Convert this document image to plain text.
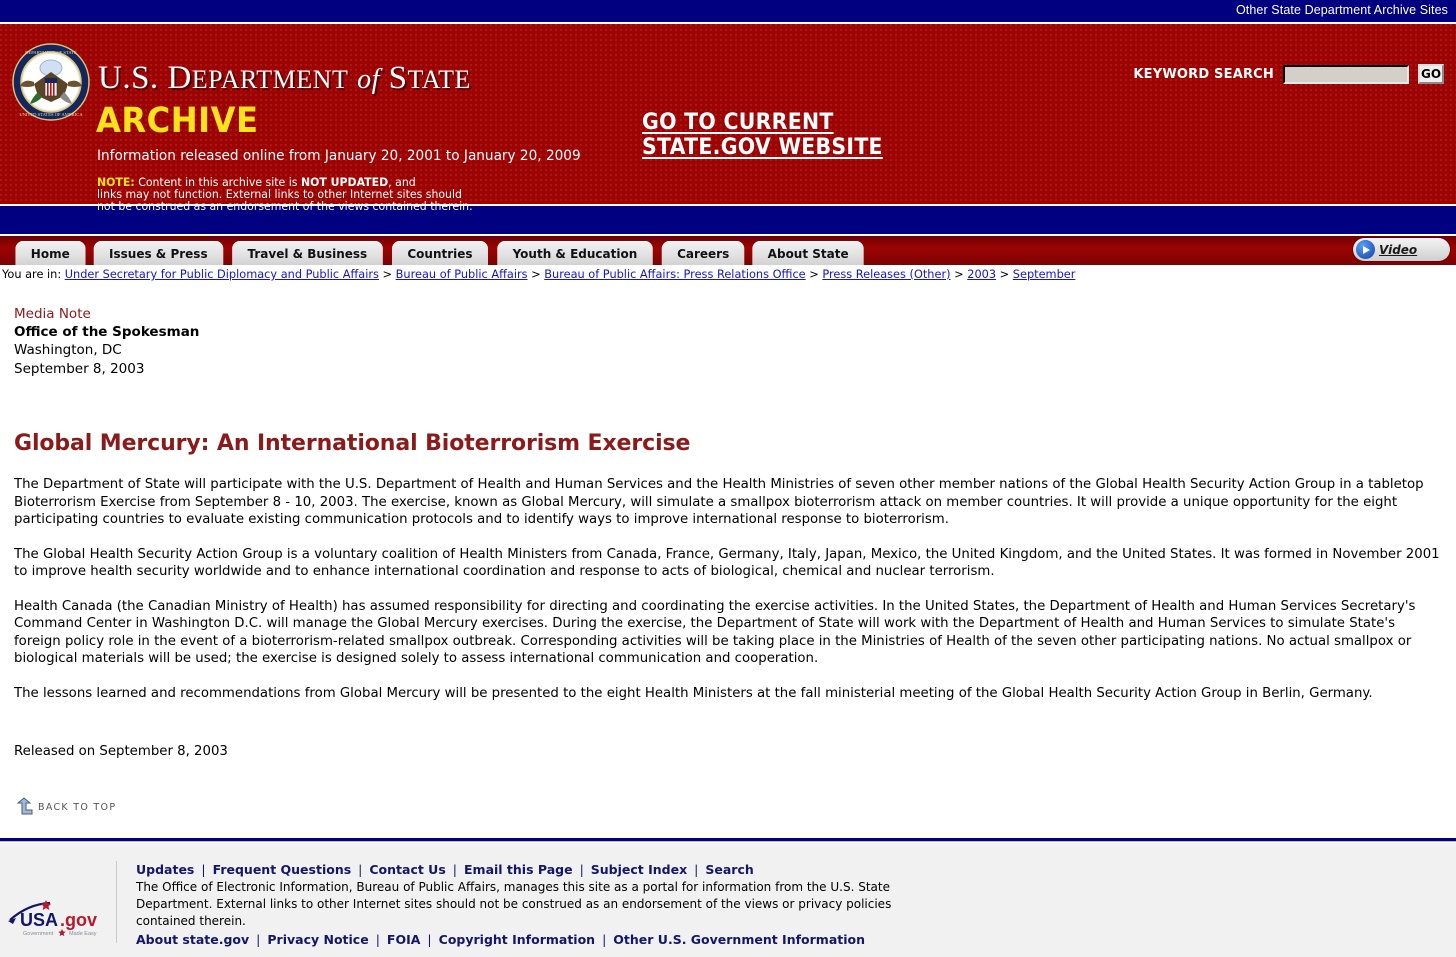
Other State Department Archive Sites
DEPARTMENT OF STATE
UNITED STATES OF AMERICA
U.S. DEPARTMENT of STATE
ARCHIVE
Information released online from January 20, 2001 to January 20, 2009
NOTE: Content in this archive site is NOT UPDATED, and
links may not function. External links to other Internet sites should
not be construed as an endorsement of the views contained therein.
GO TO CURRENT
STATE.GOV WEBSITE
KEYWORD SEARCH	GO
Home	Issues & Press	Travel & Business	Countries	Youth & Education	Careers	About State	Video
You are in: Under Secretary for Public Diplomacy and Public Affairs > Bureau of Public Affairs > Bureau of Public Affairs: Press Relations Office > Press Releases (Other) > 2003 > September
Media Note
Office of the Spokesman
Washington, DC
September 8, 2003
Global Mercury: An International Bioterrorism Exercise

The Department of State will participate with the U.S. Department of Health and Human Services and the Health Ministries of seven other member nations of the Global Health Security Action Group in a tabletop Bioterrorism Exercise from September 8 - 10, 2003. The exercise, known as Global Mercury, will simulate a smallpox bioterrorism attack on member countries. It will provide a unique opportunity for the eight participating countries to evaluate existing communication protocols and to identify ways to improve international response to bioterrorism.

The Global Health Security Action Group is a voluntary coalition of Health Ministers from Canada, France, Germany, Italy, Japan, Mexico, the United Kingdom, and the United States. It was formed in November 2001 to improve health security worldwide and to enhance international coordination and response to acts of biological, chemical and nuclear terrorism.

Health Canada (the Canadian Ministry of Health) has assumed responsibility for directing and coordinating the exercise activities. In the United States, the Department of Health and Human Services Secretary's Command Center in Washington D.C. will manage the Global Mercury exercises. During the exercise, the Department of State will work with the Department of Health and Human Services to simulate State's foreign policy role in the event of a bioterrorism-related smallpox outbreak. Corresponding activities will be taking place in the Ministries of Health of the seven other participating nations. No actual smallpox or biological materials will be used; the exercise is designed solely to assess international communication and cooperation.

The lessons learned and recommendations from Global Mercury will be presented to the eight Health Ministers at the fall ministerial meeting of the Global Health Security Action Group in Berlin, Germany.

Released on September 8, 2003
BACK TO TOP
USA .gov
Government	Made Easy
Updates | Frequent Questions | Contact Us | Email this Page | Subject Index | Search
The Office of Electronic Information, Bureau of Public Affairs, manages this site as a portal for information from the U.S. State Department. External links to other Internet sites should not be construed as an endorsement of the views or privacy policies contained therein.
About state.gov | Privacy Notice | FOIA | Copyright Information | Other U.S. Government Information
